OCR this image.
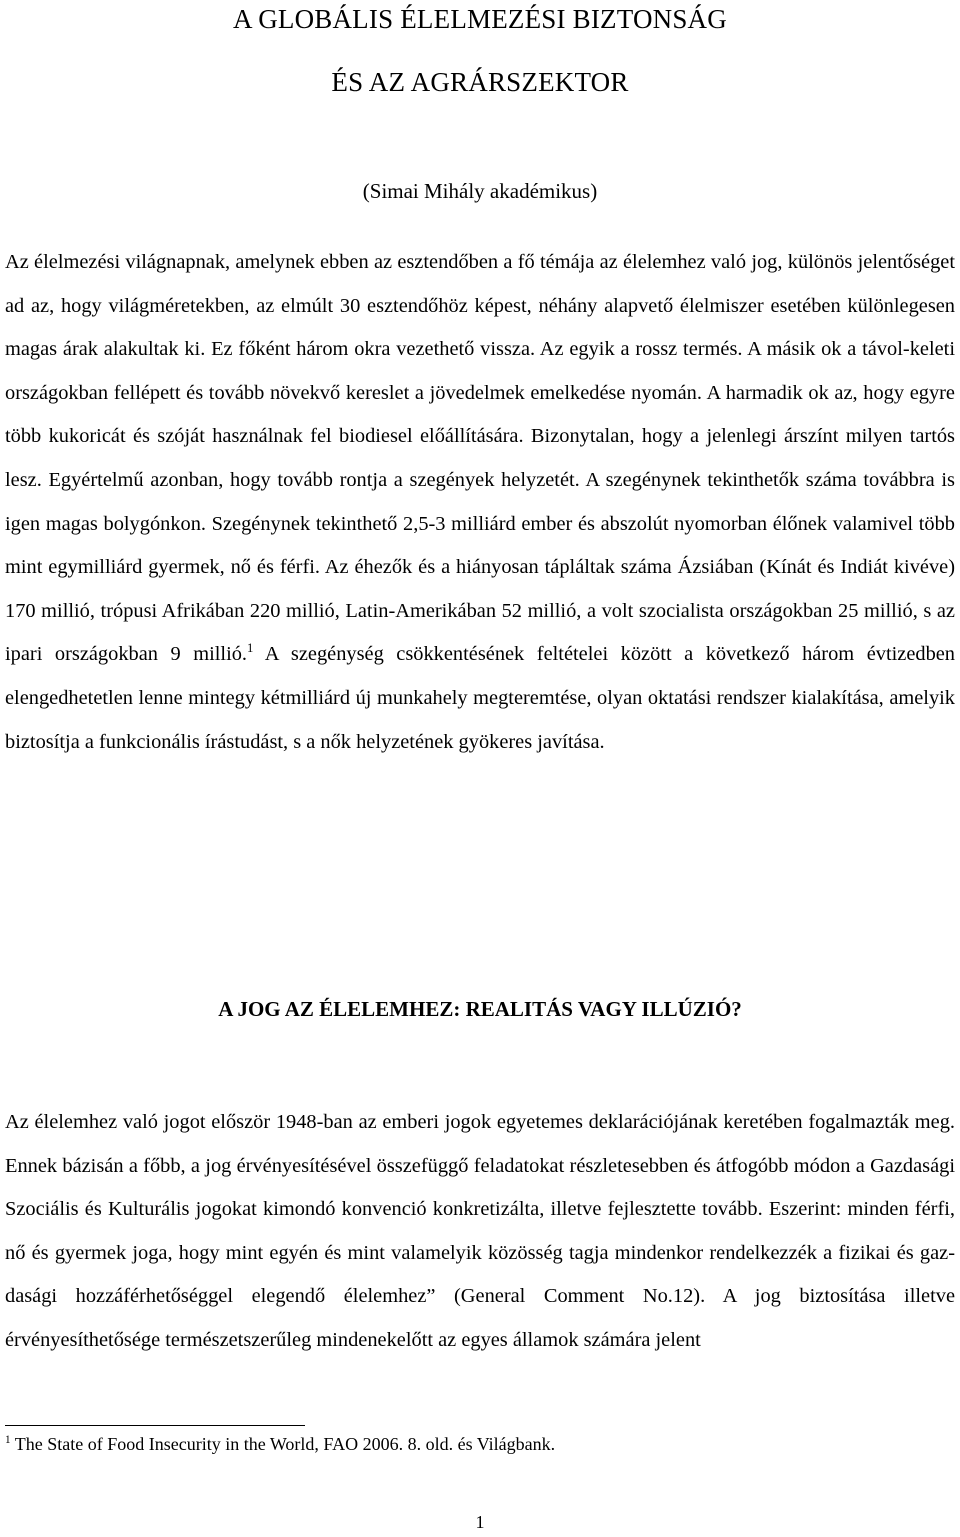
A GLOBÁLIS ÉLELMEZÉSI BIZTONSÁG
ÉS AZ AGRÁRSZEKTOR
(Simai Mihály akadémikus)

Az élelmezési világnapnak, amelynek ebben az esztendőben a fő témája az élelemhez való jog, különös jelentőséget ad az, hogy világméretekben, az elmúlt 30 esztendőhöz képest, néhány alapvető élelmiszer esetében különlegesen magas árak alakultak ki. Ez főként három okra vezethető vissza. Az egyik a rossz termés. A másik ok a távol-keleti országokban fellépett és tovább növekvő kereslet a jövedelmek emelkedése nyomán. A harmadik ok az, hogy egyre több kukoricát és szóját használnak fel biodiesel előállítására. Bizonytalan, hogy a jelenlegi árszínt milyen tartós lesz. Egyértelmű azonban, hogy tovább rontja a szegények helyzetét. A szegénynek tekinthetők száma továbbra is igen magas bolygónkon. Szegénynek tekinthető 2,5-3 milliárd ember és abszolút nyomorban élőnek valamivel több mint egymilliárd gyermek, nő és férfi. Az éhezők és a hiányosan tápláltak száma Ázsiában (Kínát és Indiát kivéve) 170 millió, trópusi Afrikában 220 millió, Latin-Amerikában 52 millió, a volt szocialista országokban 25 millió, s az ipari országokban 9 millió.$^1$ A szegénység csökkentésének feltételei között a következő három évtizedben elengedhetetlen lenne mintegy kétmilliárd új munkahely megteremtése, olyan oktatási rendszer kialakítása, amelyik biztosítja a funkcionális írástudást, s a nők helyzetének gyökeres javítása.

A JOG AZ ÉLELEMHEZ: REALITÁS VAGY ILLÚZIÓ?

Az élelemhez való jogot először 1948-ban az emberi jogok egyetemes deklarációjának keretében fogalmazták meg. Ennek bázisán a főbb, a jog érvényesítésével összefüggő feladatokat részletesebben és átfogóbb módon a Gazdasági Szociális és Kulturális jogokat kimondó konvenció konkretizálta, illetve fejlesztette tovább. Eszerint: minden férfi, nő és gyermek joga, hogy mint egyén és mint valamelyik közösség tagja mindenkor rendelkezzék a fizikai és gazdasági hozzáférhetőséggel elegendő élelemhez” (General Comment No.12). A jog biztosítása illetve érvényesíthetősége természetszerűleg mindenekelőtt az egyes államok számára jelent

$^1$ The State of Food Insecurity in the World, FAO 2006. 8. old. és Világbank.
1
